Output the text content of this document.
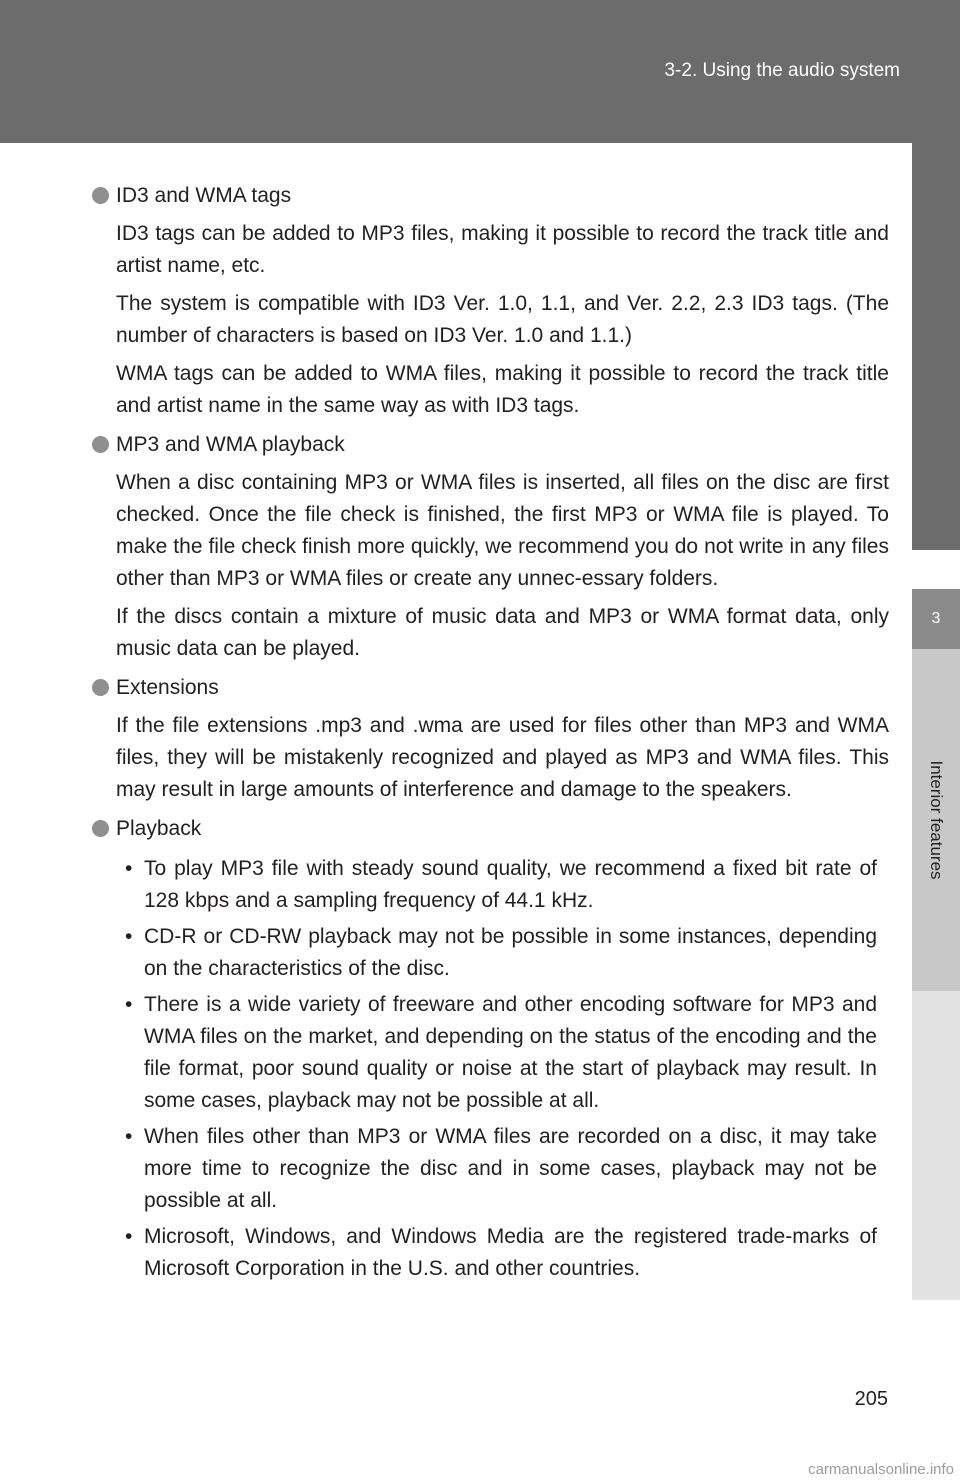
3-2. Using the audio system
3
Interior features
ID3 and WMA tags
ID3 tags can be added to MP3 files, making it possible to record the track title and artist name, etc.
The system is compatible with ID3 Ver. 1.0, 1.1, and Ver. 2.2, 2.3 ID3 tags. (The number of characters is based on ID3 Ver. 1.0 and 1.1.)
WMA tags can be added to WMA files, making it possible to record the track title and artist name in the same way as with ID3 tags.
MP3 and WMA playback
When a disc containing MP3 or WMA files is inserted, all files on the disc are first checked. Once the file check is finished, the first MP3 or WMA file is played. To make the file check finish more quickly, we recommend you do not write in any files other than MP3 or WMA files or create any unnec-essary folders.
If the discs contain a mixture of music data and MP3 or WMA format data, only music data can be played.
Extensions
If the file extensions .mp3 and .wma are used for files other than MP3 and WMA files, they will be mistakenly recognized and played as MP3 and WMA files. This may result in large amounts of interference and damage to the speakers.
Playback
• To play MP3 file with steady sound quality, we recommend a fixed bit rate of 128 kbps and a sampling frequency of 44.1 kHz.
• CD-R or CD-RW playback may not be possible in some instances, depending on the characteristics of the disc.
• There is a wide variety of freeware and other encoding software for MP3 and WMA files on the market, and depending on the status of the encoding and the file format, poor sound quality or noise at the start of playback may result. In some cases, playback may not be possible at all.
• When files other than MP3 or WMA files are recorded on a disc, it may take more time to recognize the disc and in some cases, playback may not be possible at all.
• Microsoft, Windows, and Windows Media are the registered trade-marks of Microsoft Corporation in the U.S. and other countries.
205
carmanualsonline.info
